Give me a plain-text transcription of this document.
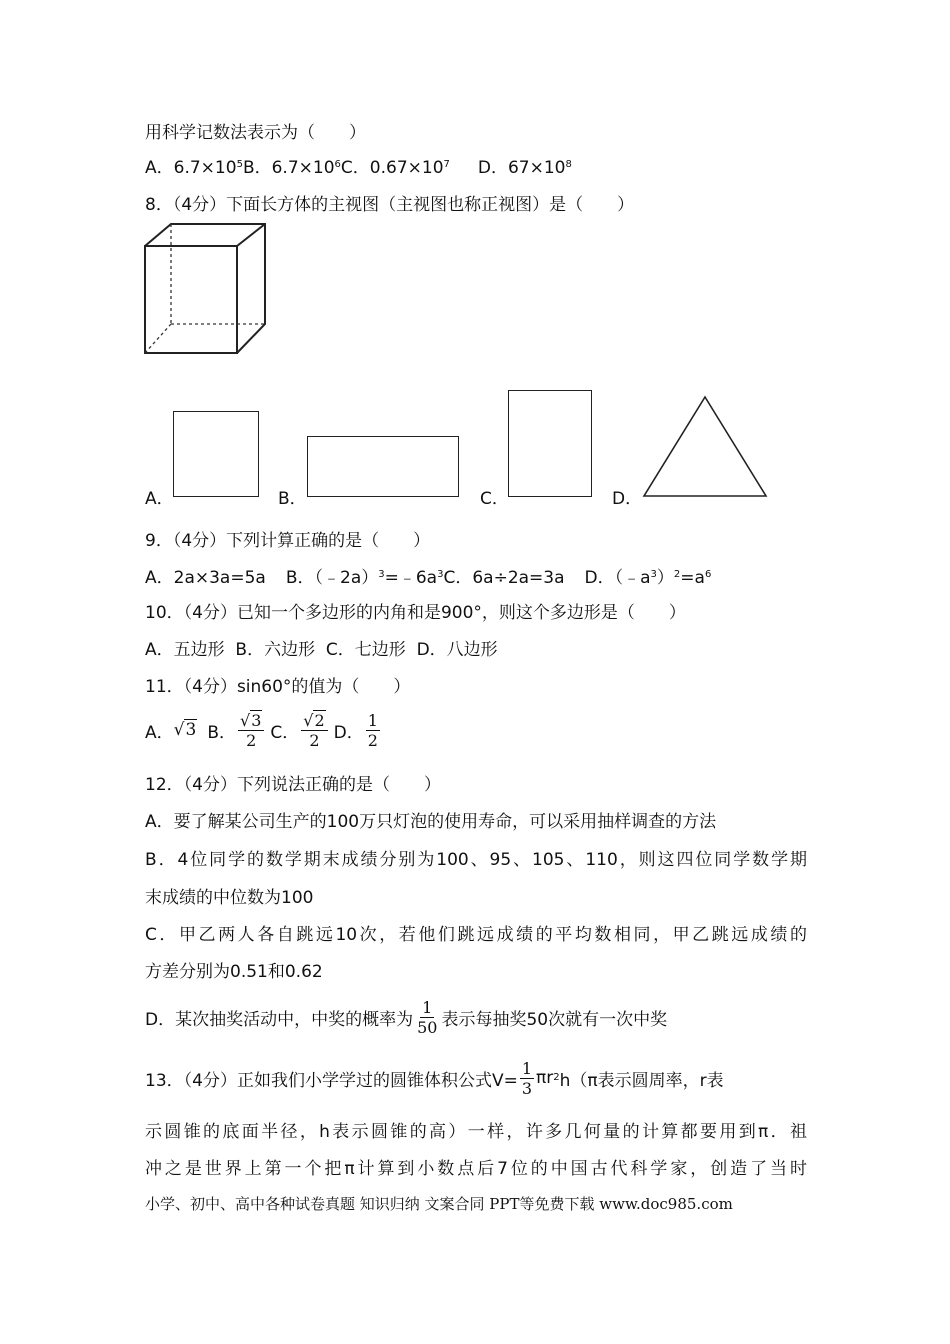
用科学记数法表示为（　　）
A．$6.7\times 10^5B$．$6.7\times 10^6C$．$0.67\times 10^7$ D．$67\times 10^8$
8．（4分）下面长方体的主视图（主视图也称正视图）是（　　）
A．	B．	C．	D．
9．（4分）下列计算正确的是（　　）
A．2a×3a=5a B．$(﹣2a)^3=﹣6a^3C$．6a÷2a=3a D．$(﹣a^3)^2=a^6$
10．（4分）已知一个多边形的内角和是900°，则这个多边形是（　　）
A．五边形  B．六边形  C．七边形  D．八边形
11．（4分）sin60°的值为（　　）
A． √3 B． $\frac{√3}{2}$ C． $\frac{√2}{2}$ D． $\frac{1}{2}$
12．（4分）下列说法正确的是（　　）
A．要了解某公司生产的100万只灯泡的使用寿命，可以采用抽样调查的方法
B．4位同学的数学期末成绩分别为100、95、105、110，则这四位同学数学期
末成绩的中位数为100
C．甲乙两人各自跳远10次，若他们跳远成绩的平均数相同，甲乙跳远成绩的
方差分别为0.51和0.62
D．某次抽奖活动中，中奖的概率为 $\frac{1}{50}$ 表示每抽奖50次就有一次中奖
13．（4分）正如我们小学学过的圆锥体积公式$V= \frac{1}{3}$ πr 2 h（π表示圆周率，r表
示圆锥的底面半径，h表示圆锥的高）一样，许多几何量的计算都要用到π．祖
冲之是世界上第一个把π计算到小数点后7位的中国古代科学家，创造了当时
小学、初中、高中各种试卷真题 知识归纳 文案合同 PPT等免费下载 www.doc985.com
